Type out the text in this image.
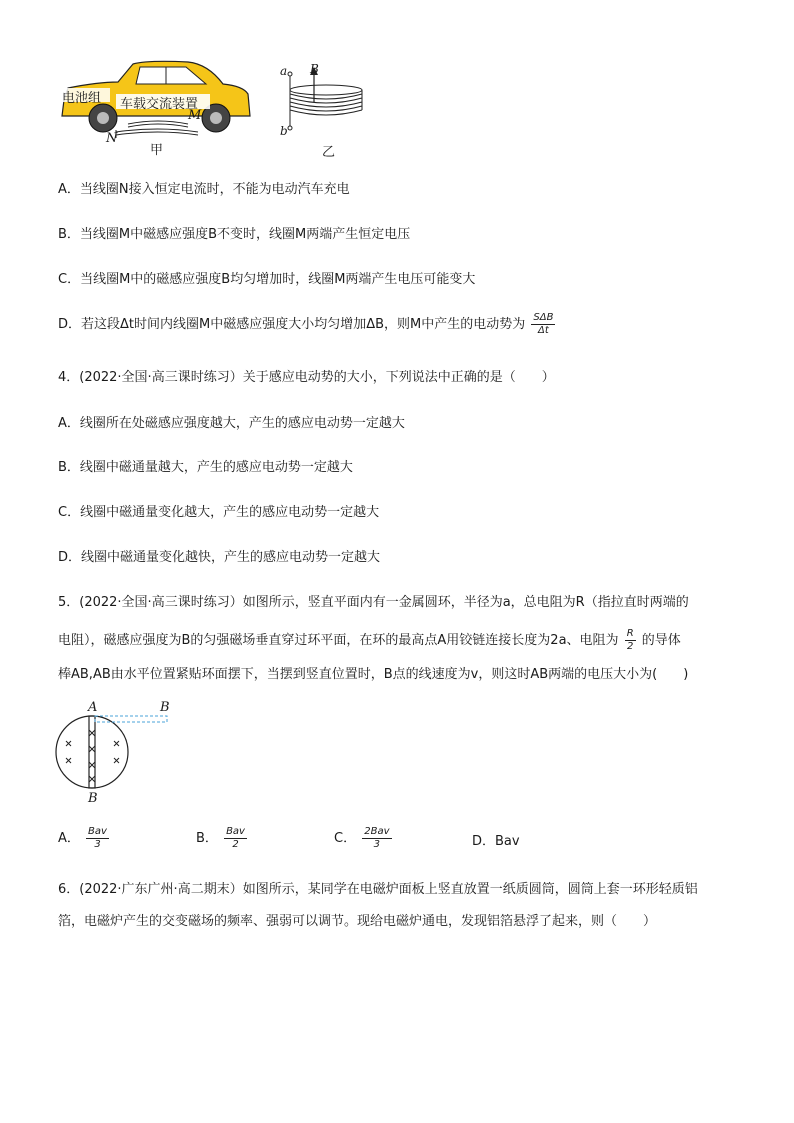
电池组 车载交流装置
N
M
甲
a B
b
乙
A．当线圈N接入恒定电流时，不能为电动汽车充电
B．当线圈M中磁感应强度B不变时，线圈M两端产生恒定电压
C．当线圈M中的磁感应强度B均匀增加时，线圈M两端产生电压可能变大
D．若这段Δt时间内线圈M中磁感应强度大小均匀增加ΔB，则M中产生的电动势为 $\frac{\text{SΔB}}{\Delta t}$
4．(2022·全国·高三课时练习）关于感应电动势的大小，下列说法中正确的是（　　）
A．线圈所在处磁感应强度越大，产生的感应电动势一定越大
B．线圈中磁通量越大，产生的感应电动势一定越大
C．线圈中磁通量变化越大，产生的感应电动势一定越大
D．线圈中磁通量变化越快，产生的感应电动势一定越大
5．(2022·全国·高三课时练习）如图所示，竖直平面内有一金属圆环，半径为a，总电阻为R（指拉直时两端的
电阻），磁感应强度为B的匀强磁场垂直穿过环平面，在环的最高点A用铰链连接长度为2a、电阻为 $\frac{R}{2}$ 的导体
棒AB,AB由水平位置紧贴环面摆下，当摆到竖直位置时，B点的线速度为v，则这时AB两端的电压大小为(　　)
A	B
B
A． $\frac{\text{Bav}}{3}$	B． $\frac{\text{Bav}}{2}$	C． $\frac{\text{2Bav}}{3}$	D．Bav
6．(2022·广东广州·高二期末）如图所示，某同学在电磁炉面板上竖直放置一纸质圆筒，圆筒上套一环形轻质铝
箔，电磁炉产生的交变磁场的频率、强弱可以调节。现给电磁炉通电，发现铝箔悬浮了起来，则（　　）
